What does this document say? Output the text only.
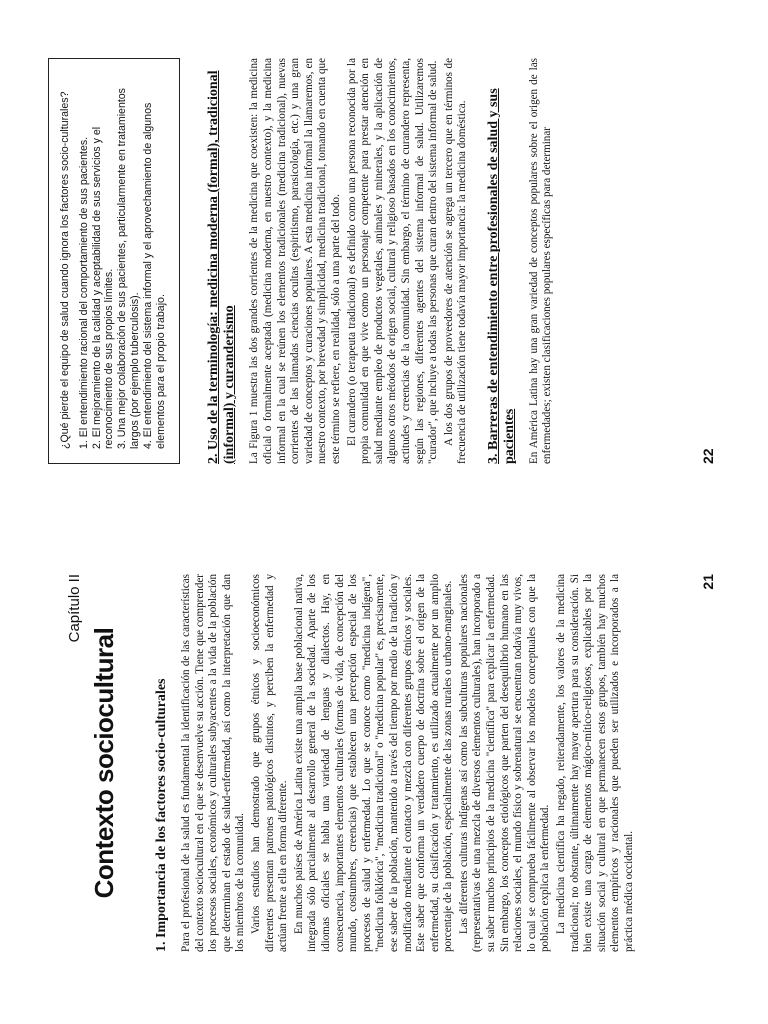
Capítulo II
Contexto sociocultural	1. Importancia de los factores socio-culturales Para el profesional de la salud es fundamental la identificación de las características del contexto sociocultural en el que se desenvuelve su acción. Tiene que comprender los procesos sociales, económicos y culturales subyacentes a la vida de la población que determinan el estado de salud-enfermedad, así como la interpretación que dan los miembros de la comunidad. Varios estudios han demostrado que grupos étnicos y socioeconómicos diferentes presentan patrones patológicos distintos, y perciben la enfermedad y actúan frente a ella en forma diferente. En muchos países de América Latina existe una amplia base poblacional nativa, integrada sólo parcialmente al desarrollo general de la sociedad. Aparte de los idiomas oficiales se habla una variedad de lenguas y dialectos. Hay, en consecuencia, importantes elementos culturales (formas de vida, de concepción del mundo, costumbres, creencias) que establecen una percepción especial de los procesos de salud y enfermedad. Lo que se conoce como "medicina indígena", "medicina folklórica", "medicina tradicional" o "medicina popular" es, precisamente, ese saber de la población, mantenido a través del tiempo por medio de la tradición y modificado mediante el contacto y mezcla con diferentes grupos étnicos y sociales. Este saber que conforma un verdadero cuerpo de doctrina sobre el origen de la enfermedad, su clasificación y tratamiento, es utilizado actualmente por un amplio porcentaje de la población, especialmente de las zonas rurales o urbano-marginales. Las diferentes culturas indígenas así como las subculturas populares nacionales (representativas de una mezcla de diversos elementos culturales), han incorporado a su saber muchos principios de la medicina "científica" para explicar la enfermedad. Sin embargo, los conceptos etiológicos que parten del desequilibrio humano en las relaciones sociales, el mundo físico y sobrenatural se encuentran todavía muy vivos, lo cual se comprueba fácilmente al observar los modelos conceptuales con que la población explica la enfermedad. La medicina científica ha negado, reiteradamente, los valores de la medicina tradicional; no obstante, últimamente hay mayor apertura para su consideración. Si bien existe una carga de elementos mágico-mítico-religiosos, explicables por la situación social y cultural en que permanecen estos grupos, también hay muchos elementos empíricos y racionales que pueden ser utilizados e incorporados a la práctica médica occidental.

21
¿Qué pierde el equipo de salud cuando ignora los factores socio-culturales? 1. El entendimiento racional del comportamiento de sus pacientes. 2. El mejoramiento de la calidad y aceptabilidad de sus servicios y el reconocimiento de sus propios límites. 3. Una mejor colaboración de sus pacientes, particularmente en tratamientos largos (por ejemplo tuberculosis). 4. El entendimiento del sistema informal y el aprovechamiento de algunos elementos para el propio trabajo.	2. Uso de la terminología: medicina moderna (formal), tradicional (informal) y curanderismo La Figura 1 muestra las dos grandes corrientes de la medicina que coexisten: la medicina oficial o formalmente aceptada (medicina moderna, en nuestro contexto), y la medicina informal en la cual se reúnen los elementos tradicionales (medicina tradicional), nuevas corrientes de las llamadas ciencias ocultas (espiritismo, parasicología, etc.) y una gran variedad de conceptos y curaciones populares. A esta medicina informal la llamaremos, en nuestro contexto, por brevedad y simplicidad, medicina tradicional, tomando en cuenta que este término se refiere, en realidad, sólo a una parte del todo. El curandero (o terapeuta tradicional) es definido como una persona reconocida por la propia comunidad en que vive como un personaje competente para prestar atención en salud mediante empleo de productos vegetales, animales y minerales, y la aplicación de algunos otros métodos de origen social, cultural y religioso basados en los conocimientos, actitudes y creencias de la comunidad. Sin embargo, el término de curandero representa, según las regiones, diferentes agentes del sistema informal de salud. Utilizaremos "curador", que incluye a todas las personas que curan dentro del sistema informal de salud. A los dos grupos de proveedores de atención se agrega un tercero que en términos de frecuencia de utilización tiene todavía mayor importancia: la medicina doméstica. 3. Barreras de entendimiento entre profesionales de salud y sus pacientes En América Latina hay una gran variedad de conceptos populares sobre el origen de las enfermedades; existen clasificaciones populares específicas para determinar	22
